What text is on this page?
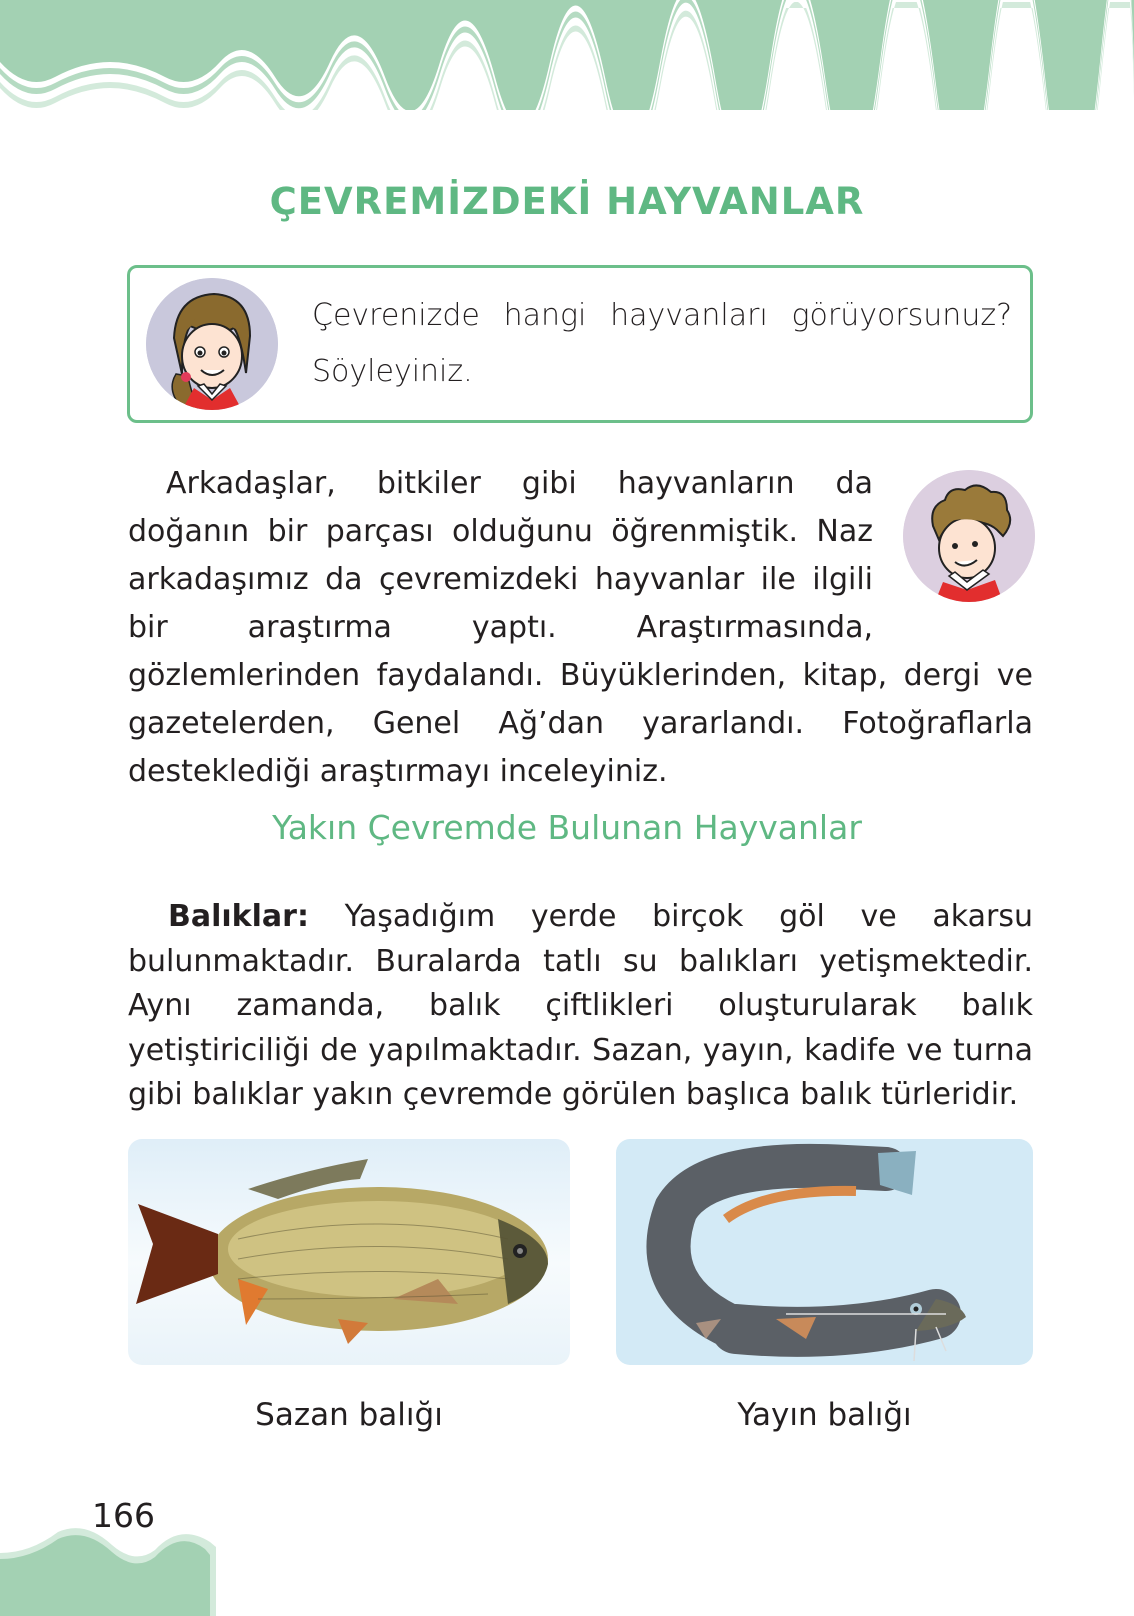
ÇEVREMİZDEKİ HAYVANLAR
Çevrenizde hangi hayvanları görüyorsunuz? Söyleyiniz.
Arkadaşlar, bitkiler gibi hayvanların da doğanın bir parçası olduğunu öğrenmiştik. Naz arkadaşımız da çevremizdeki hayvanlar ile ilgili bir araştırma yaptı. Araştırmasında, gözlemlerinden faydalandı. Büyüklerinden, kitap, dergi ve gazetelerden, Genel Ağ’dan yararlandı. Fotoğraflarla desteklediği araştırmayı inceleyiniz.
Yakın Çevremde Bulunan Hayvanlar
Balıklar: Yaşadığım yerde birçok göl ve akarsu bulunmaktadır. Buralarda tatlı su balıkları yetişmektedir. Aynı zamanda, balık çiftlikleri oluşturularak balık yetiştiriciliği de yapılmaktadır. Sazan, yayın, kadife ve turna gibi balıklar yakın çevremde görülen başlıca balık türleridir.
Sazan balığı	Yayın balığı
166
